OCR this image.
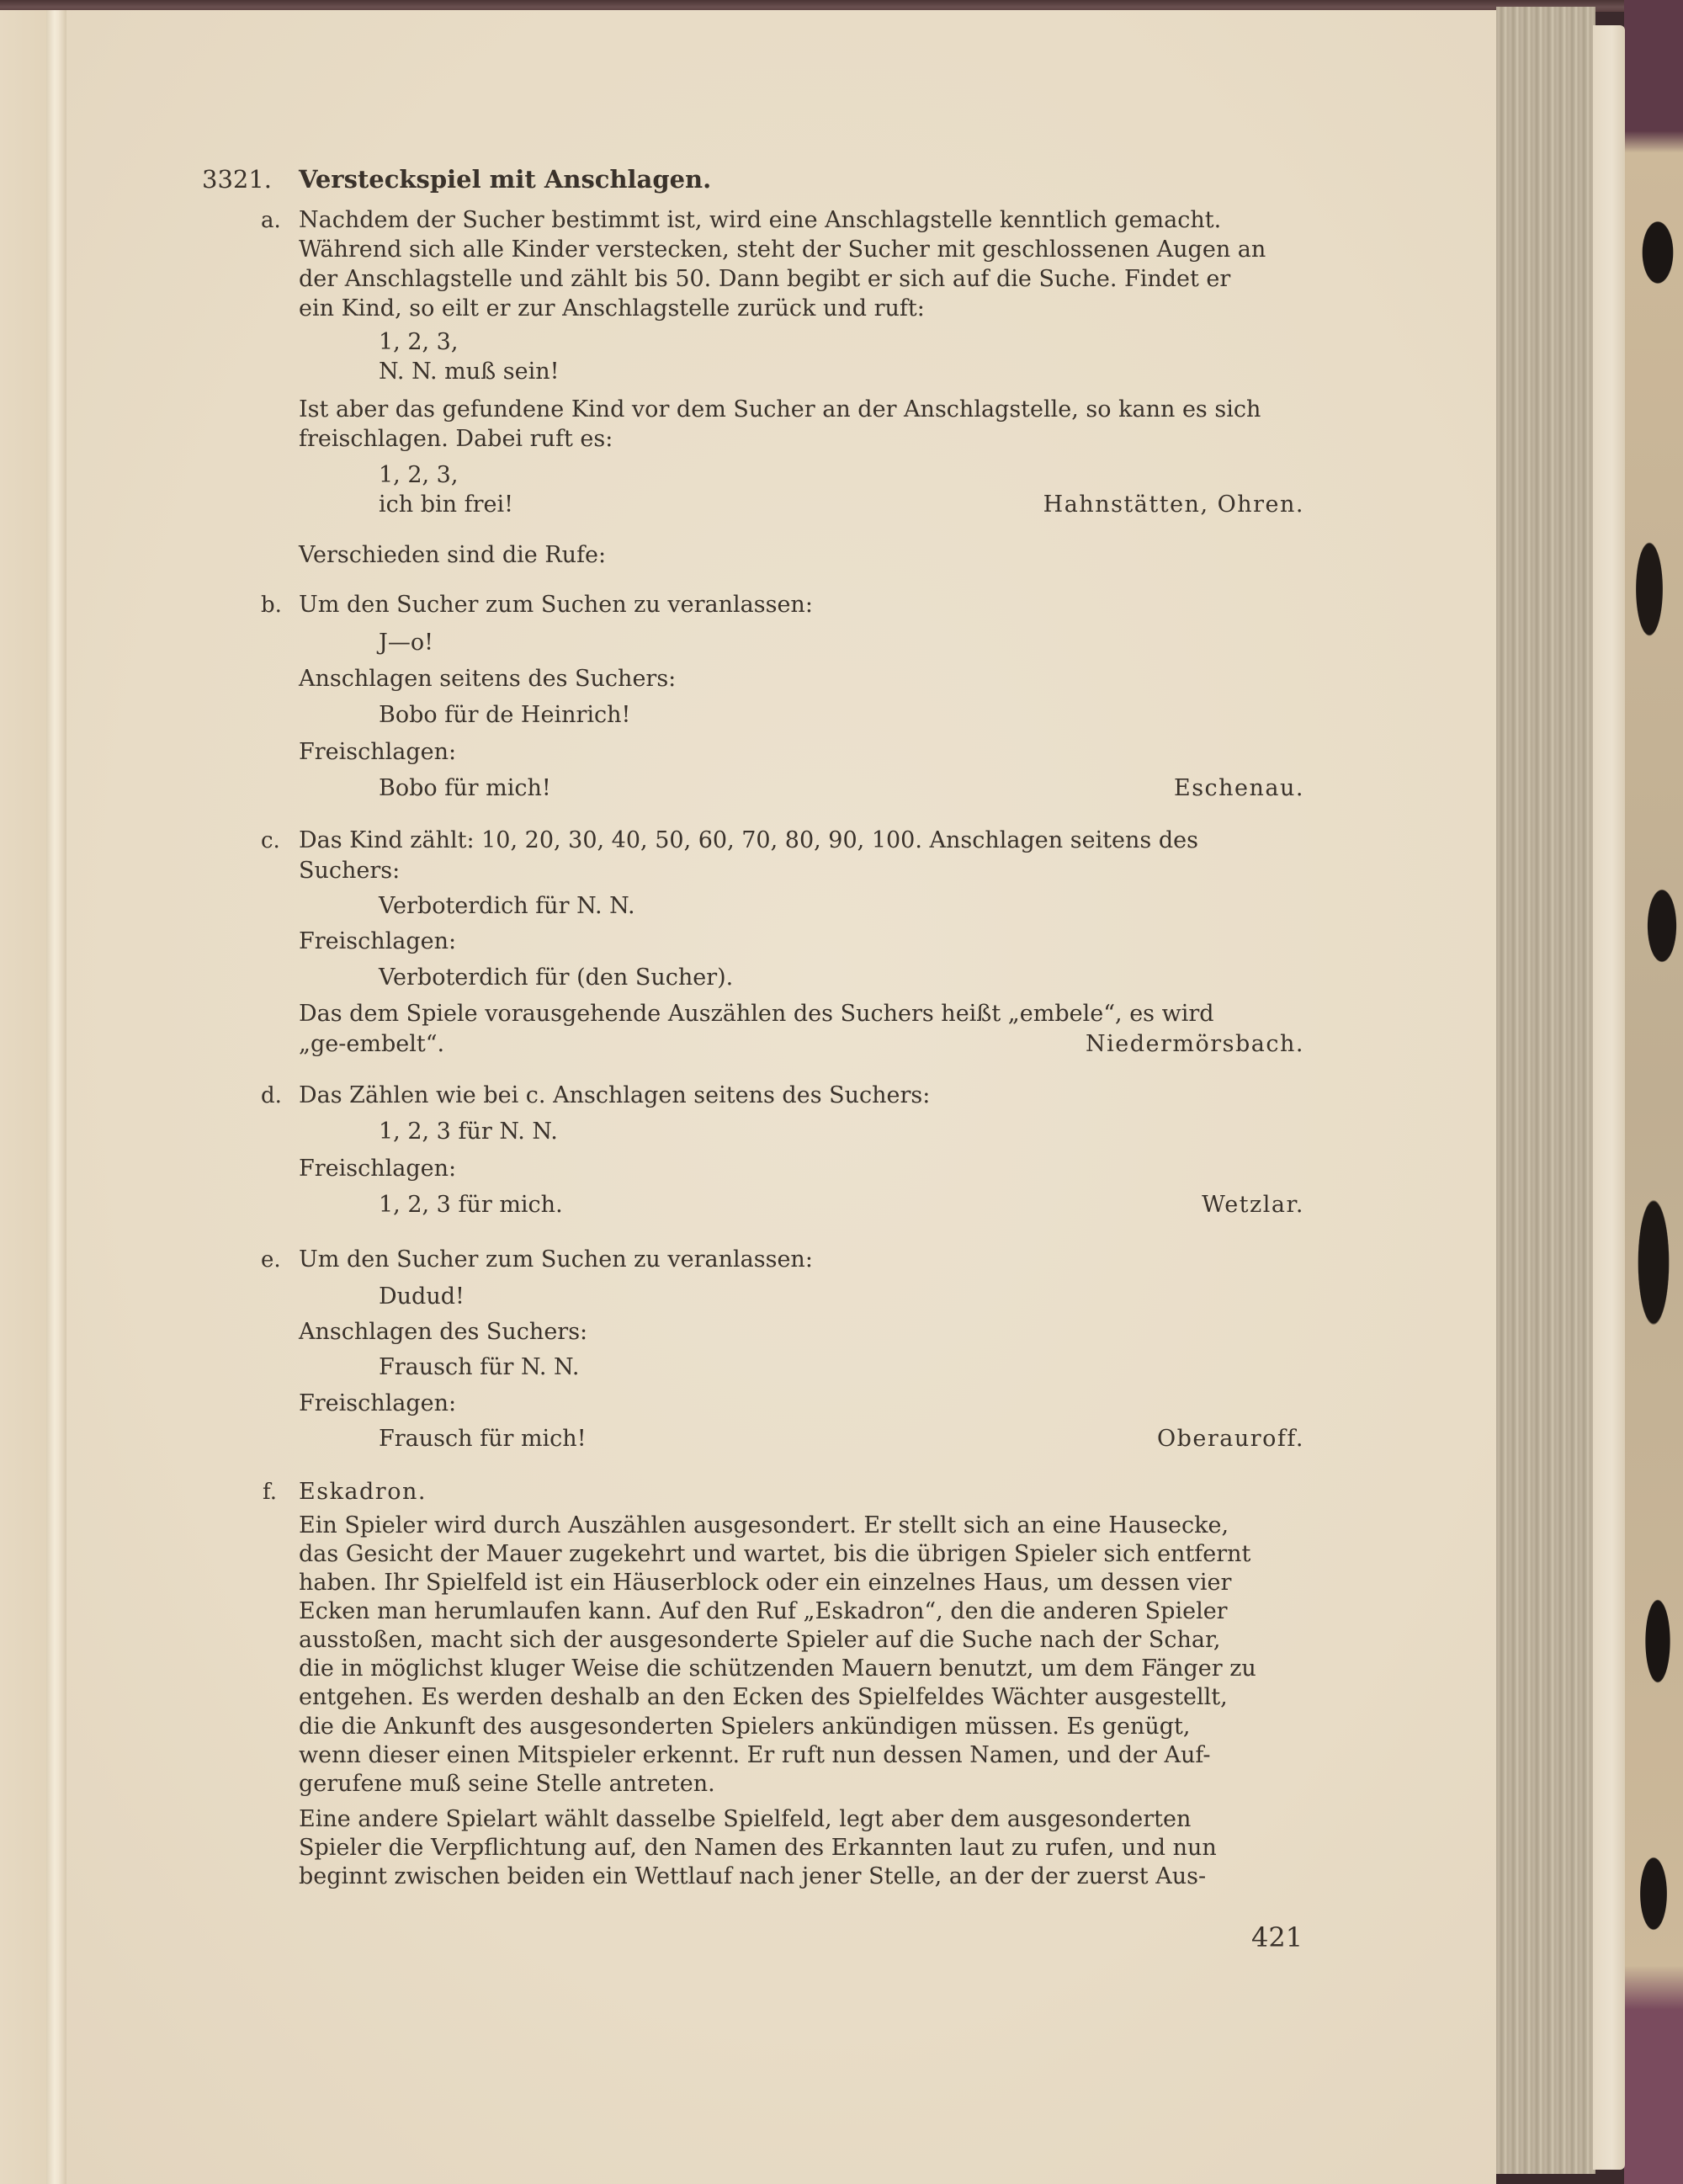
3321. Versteckspiel mit Anschlagen.
a. Nachdem der Sucher bestimmt ist, wird eine Anschlagstelle kenntlich gemacht.
Während sich alle Kinder verstecken, steht der Sucher mit geschlossenen Augen an
der Anschlagstelle und zählt bis 50. Dann begibt er sich auf die Suche. Findet er
ein Kind, so eilt er zur Anschlagstelle zurück und ruft:
1, 2, 3,
N. N. muß sein!
Ist aber das gefundene Kind vor dem Sucher an der Anschlagstelle, so kann es sich
freischlagen. Dabei ruft es:
1, 2, 3,
ich bin frei!	Hahnstätten, Ohren.
Verschieden sind die Rufe:
b. Um den Sucher zum Suchen zu veranlassen:
J—o!
Anschlagen seitens des Suchers:
Bobo für de Heinrich!
Freischlagen:
Bobo für mich!	Eschenau.
c. Das Kind zählt: 10, 20, 30, 40, 50, 60, 70, 80, 90, 100. Anschlagen seitens des
Suchers:
Verboterdich für N. N.
Freischlagen:
Verboterdich für (den Sucher).
Das dem Spiele vorausgehende Auszählen des Suchers heißt „embele“, es wird
„ge-embelt“.	Niedermörsbach.
d. Das Zählen wie bei c. Anschlagen seitens des Suchers:
1, 2, 3 für N. N.
Freischlagen:
1, 2, 3 für mich.	Wetzlar.
e. Um den Sucher zum Suchen zu veranlassen:
Dudud!
Anschlagen des Suchers:
Frausch für N. N.
Freischlagen:
Frausch für mich!	Oberauroff.
f. Eskadron.
Ein Spieler wird durch Auszählen ausgesondert. Er stellt sich an eine Hausecke,
das Gesicht der Mauer zugekehrt und wartet, bis die übrigen Spieler sich entfernt
haben. Ihr Spielfeld ist ein Häuserblock oder ein einzelnes Haus, um dessen vier
Ecken man herumlaufen kann. Auf den Ruf „Eskadron“, den die anderen Spieler
ausstoßen, macht sich der ausgesonderte Spieler auf die Suche nach der Schar,
die in möglichst kluger Weise die schützenden Mauern benutzt, um dem Fänger zu
entgehen. Es werden deshalb an den Ecken des Spielfeldes Wächter ausgestellt,
die die Ankunft des ausgesonderten Spielers ankündigen müssen. Es genügt,
wenn dieser einen Mitspieler erkennt. Er ruft nun dessen Namen, und der Auf-
gerufene muß seine Stelle antreten.
Eine andere Spielart wählt dasselbe Spielfeld, legt aber dem ausgesonderten
Spieler die Verpflichtung auf, den Namen des Erkannten laut zu rufen, und nun
beginnt zwischen beiden ein Wettlauf nach jener Stelle, an der der zuerst Aus-
421
